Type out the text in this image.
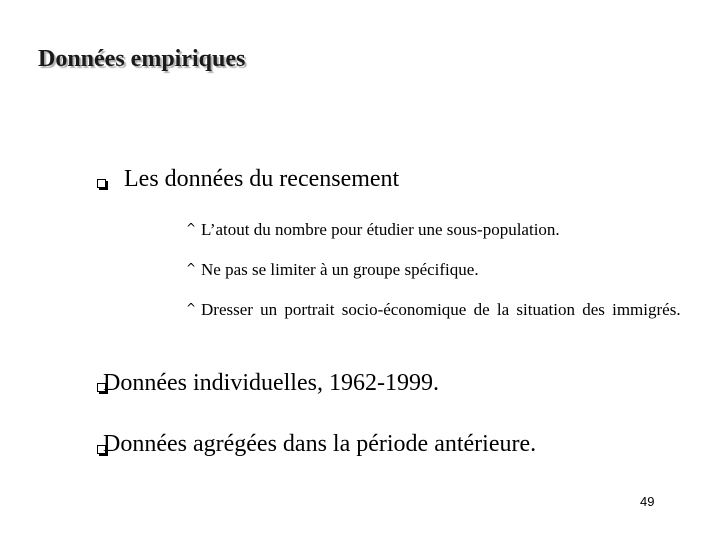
Données empiriques
Les données du recensement
^ L’atout du nombre pour étudier une sous-population.
^ Ne pas se limiter à un groupe spécifique.
^ Dresser un portrait socio-économique de la situation des immigrés.
Données individuelles, 1962-1999.
Données agrégées dans la période antérieure.
49
